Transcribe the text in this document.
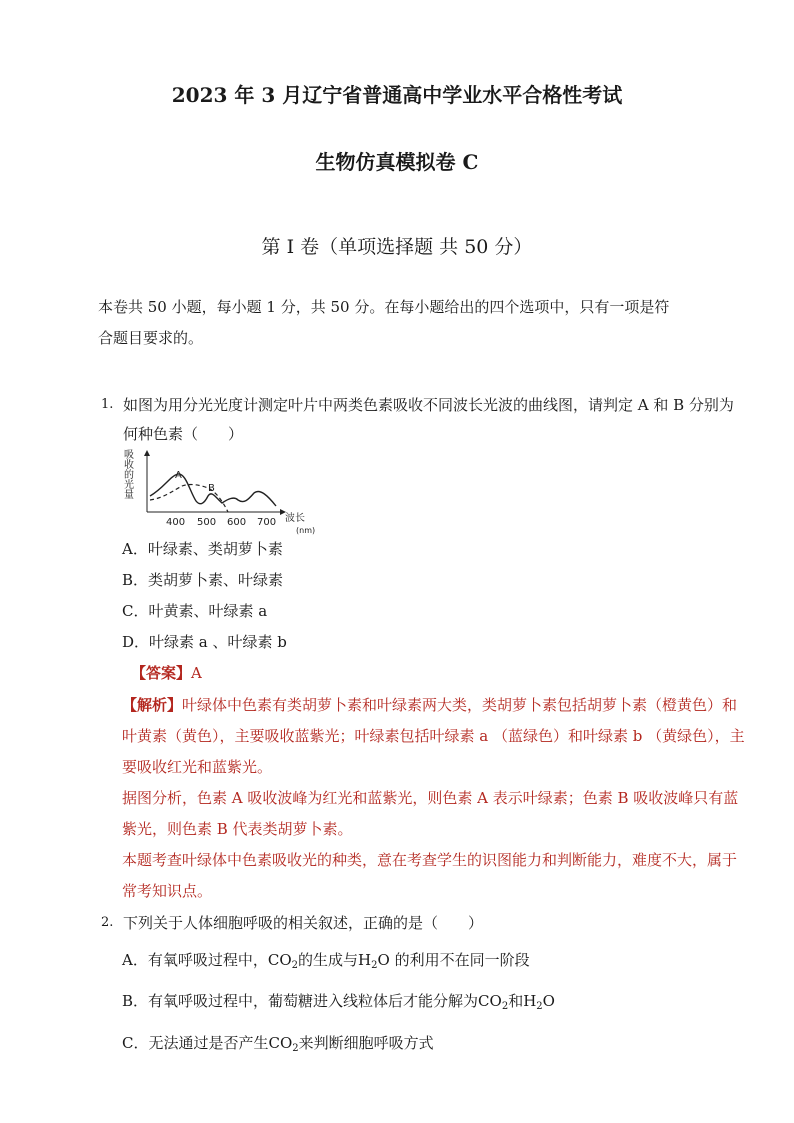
2023 年 3 月辽宁省普通高中学业水平合格性考试
生物仿真模拟卷 C
第 I 卷（单项选择题 共 50 分）
本卷共 50 小题，每小题 1 分，共 50 分。在每小题给出的四个选项中，只有一项是符
合题目要求的。
1. 如图为用分光光度计测定叶片中两类色素吸收不同波长光波的曲线图，请判定 A 和 B 分别为
何种色素（　　）
吸
收
的
光
量
A
B
400 500 600 700 波长
(nm)
A．叶绿素、类胡萝卜素
B．类胡萝卜素、叶绿素
C．叶黄素、叶绿素 a
D．叶绿素 a 、叶绿素 b
【答案】A
【解析】叶绿体中色素有类胡萝卜素和叶绿素两大类，类胡萝卜素包括胡萝卜素（橙黄色）和
叶黄素（黄色），主要吸收蓝紫光；叶绿素包括叶绿素 a （蓝绿色）和叶绿素 b （黄绿色），主
要吸收红光和蓝紫光。
据图分析，色素 A 吸收波峰为红光和蓝紫光，则色素 A 表示叶绿素；色素 B 吸收波峰只有蓝
紫光，则色素 B 代表类胡萝卜素。
本题考查叶绿体中色素吸收光的种类，意在考查学生的识图能力和判断能力，难度不大，属于
常考知识点。
2. 下列关于人体细胞呼吸的相关叙述，正确的是（　　）
A．有氧呼吸过程中，$CO_2$的生成与$H_2O$ 的利用不在同一阶段
B．有氧呼吸过程中，葡萄糖进入线粒体后才能分解为$CO_2$和$H_2O$
C．无法通过是否产生$CO_2$来判断细胞呼吸方式
